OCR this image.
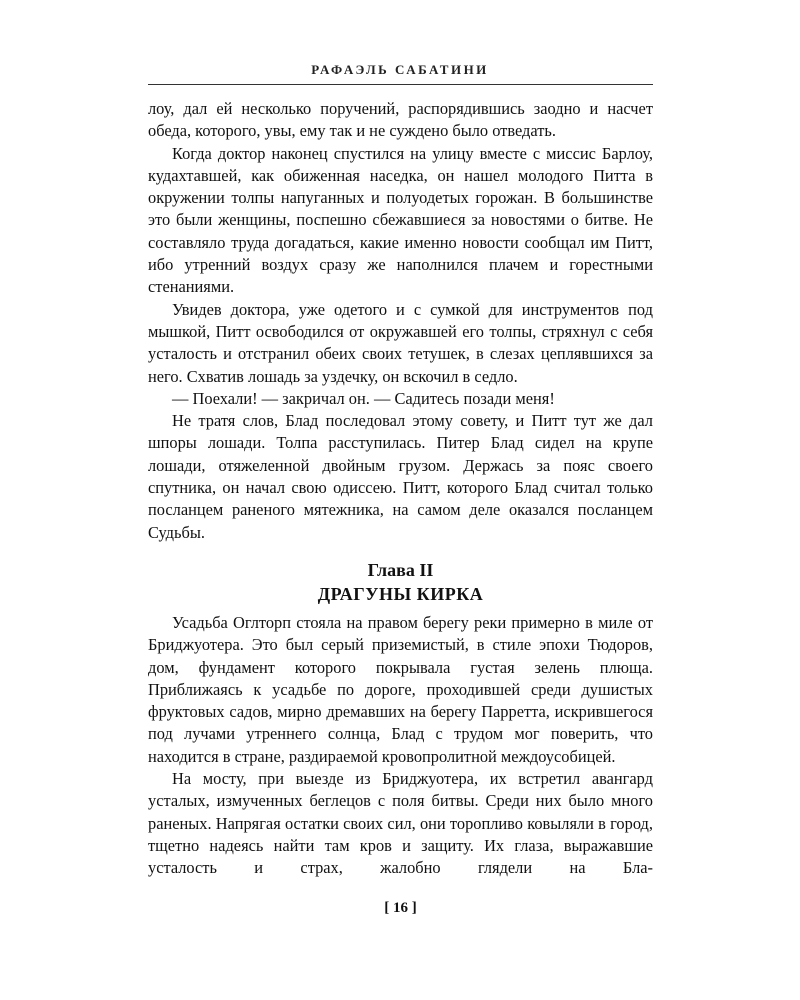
РАФАЭЛЬ САБАТИНИ

лоу, дал ей несколько поручений, распорядившись заодно и насчет обеда, которого, увы, ему так и не суждено было отведать.

Когда доктор наконец спустился на улицу вместе с миссис Барлоу, кудахтавшей, как обиженная наседка, он нашел молодого Питта в окружении толпы напуганных и полуодетых горожан. В большинстве это были женщины, поспешно сбежавшиеся за новостями о битве. Не составляло труда догадаться, какие именно новости сообщал им Питт, ибо утренний воздух сразу же наполнился плачем и горестными стенаниями.

Увидев доктора, уже одетого и с сумкой для инструментов под мышкой, Питт освободился от окружавшей его толпы, стряхнул с себя усталость и отстранил обеих своих тетушек, в слезах цеплявшихся за него. Схватив лошадь за уздечку, он вскочил в седло.

— Поехали! — закричал он. — Садитесь позади меня!

Не тратя слов, Блад последовал этому совету, и Питт тут же дал шпоры лошади. Толпа расступилась. Питер Блад сидел на крупе лошади, отяжеленной двойным грузом. Держась за пояс своего спутника, он начал свою одиссею. Питт, которого Блад считал только посланцем раненого мятежника, на самом деле оказался посланцем Судьбы.

Глава II
ДРАГУНЫ КИРКА

Усадьба Оглторп стояла на правом берегу реки примерно в миле от Бриджуотера. Это был серый приземистый, в стиле эпохи Тюдоров, дом, фундамент которого покрывала густая зелень плюща. Приближаясь к усадьбе по дороге, проходившей среди душистых фруктовых садов, мирно дремавших на берегу Парретта, искрившегося под лучами утреннего солнца, Блад с трудом мог поверить, что находится в стране, раздираемой кровопролитной междоусобицей.

На мосту, при выезде из Бриджуотера, их встретил авангард усталых, измученных беглецов с поля битвы. Среди них было много раненых. Напрягая остатки своих сил, они торопливо ковыляли в город, тщетно надеясь найти там кров и защиту. Их глаза, выражавшие усталость и страх, жалобно глядели на Бла-

[ 16 ]
